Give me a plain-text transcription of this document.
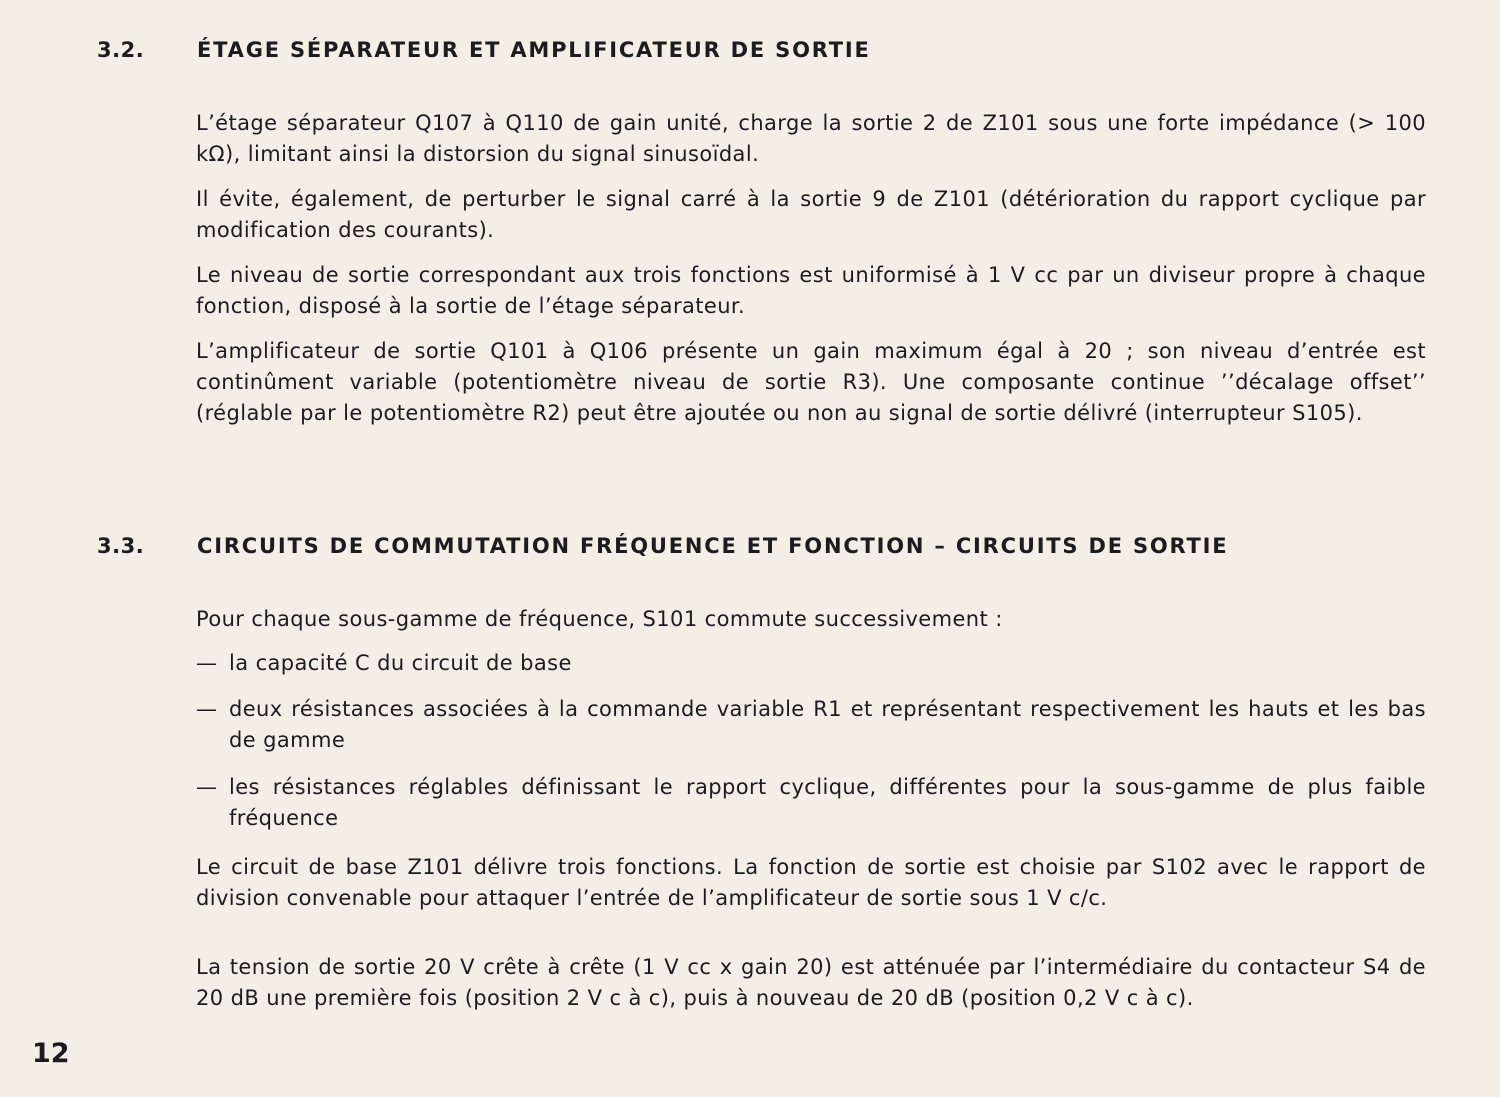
3.2.	ÉTAGE SÉPARATEUR ET AMPLIFICATEUR DE SORTIE
L’étage séparateur Q107 à Q110 de gain unité, charge la sortie 2 de Z101 sous une forte impédance (> 100 kΩ), limitant ainsi la distorsion du signal sinusoïdal.
Il évite, également, de perturber le signal carré à la sortie 9 de Z101 (détérioration du rapport cyclique par modification des courants).
Le niveau de sortie correspondant aux trois fonctions est uniformisé à 1 V cc par un diviseur propre à chaque fonction, disposé à la sortie de l’étage séparateur.
L’amplificateur de sortie Q101 à Q106 présente un gain maximum égal à 20 ; son niveau d’entrée est continûment variable (potentiomètre niveau de sortie R3). Une composante continue ’’décalage offset’’ (réglable par le potentiomètre R2) peut être ajoutée ou non au signal de sortie délivré (interrupteur S105).
3.3.	CIRCUITS DE COMMUTATION FRÉQUENCE ET FONCTION – CIRCUITS DE SORTIE
Pour chaque sous-gamme de fréquence, S101 commute successivement :
— la capacité C du circuit de base
— deux résistances associées à la commande variable R1 et représentant respectivement les hauts et les bas de gamme
— les résistances réglables définissant le rapport cyclique, différentes pour la sous-gamme de plus faible fréquence
Le circuit de base Z101 délivre trois fonctions. La fonction de sortie est choisie par S102 avec le rapport de division convenable pour attaquer l’entrée de l’amplificateur de sortie sous 1 V c/c.
La tension de sortie 20 V crête à crête (1 V cc x gain 20) est atténuée par l’intermédiaire du contacteur S4 de 20 dB une première fois (position 2 V c à c), puis à nouveau de 20 dB (position 0,2 V c à c).
12
